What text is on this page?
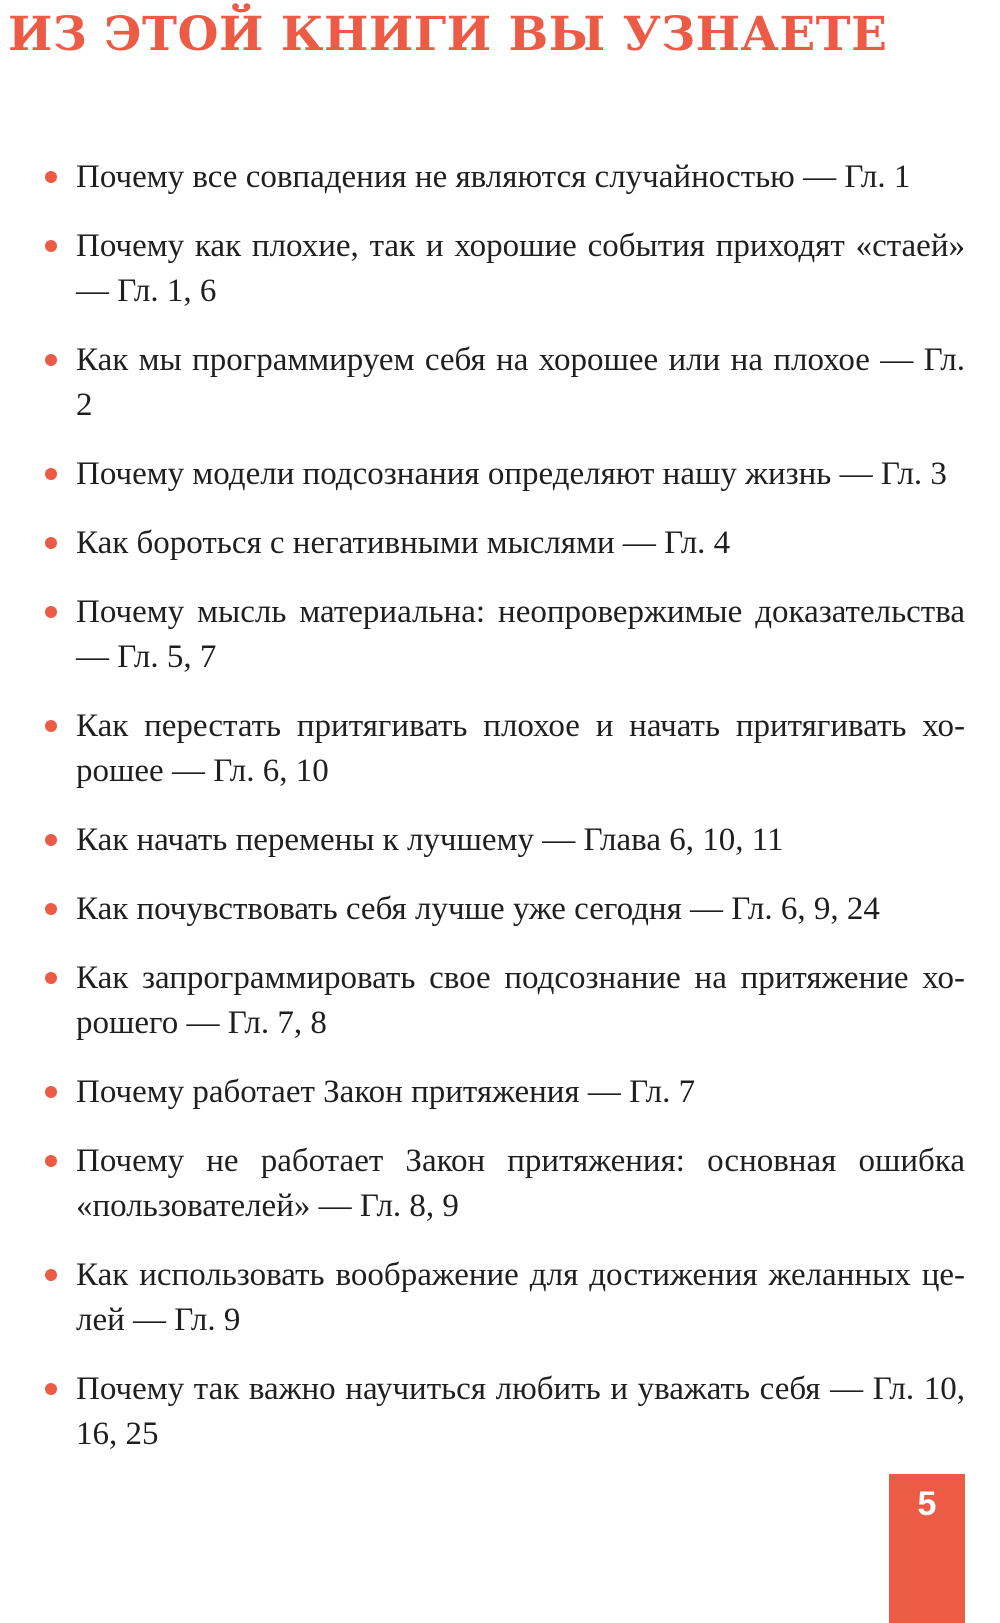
ИЗ ЭТОЙ КНИГИ ВЫ УЗНАЕТЕ
Почему все совпадения не являются случайностью — Гл. 1
Почему как плохие, так и хорошие события приходят «стаей» — Гл. 1, 6
Как мы программируем себя на хорошее или на плохое — Гл. 2
Почему модели подсознания определяют нашу жизнь — Гл. 3
Как бороться с негативными мыслями — Гл. 4
Почему мысль материальна: неопровержимые доказательства — Гл. 5, 7
Как перестать притягивать плохое и начать притягивать хорошее — Гл. 6, 10
Как начать перемены к лучшему — Глава 6, 10, 11
Как почувствовать себя лучше уже сегодня — Гл. 6, 9, 24
Как запрограммировать свое подсознание на притяжение хорошего — Гл. 7, 8
Почему работает Закон притяжения — Гл. 7
Почему не работает Закон притяжения: основная ошибка «пользователей» — Гл. 8, 9
Как использовать воображение для достижения желанных целей — Гл. 9
Почему так важно научиться любить и уважать себя — Гл. 10, 16, 25
5
